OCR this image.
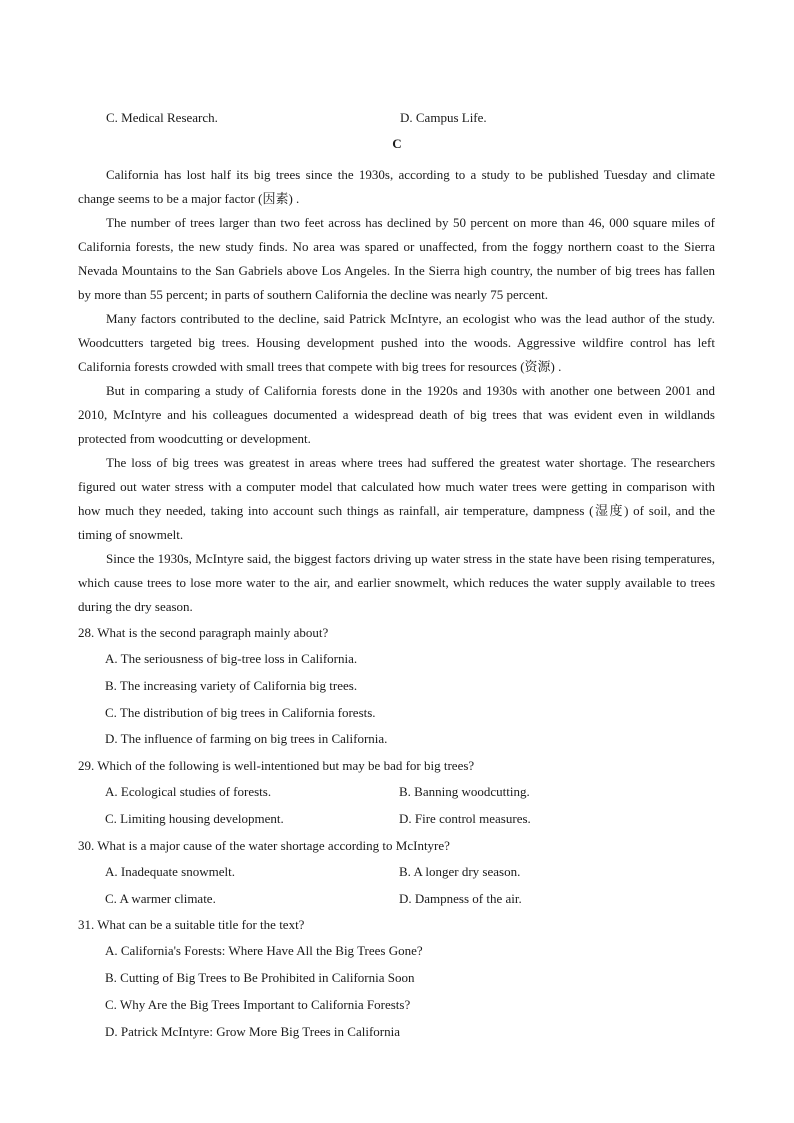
C. Medical Research.	D. Campus Life.
C

California has lost half its big trees since the 1930s, according to a study to be published Tuesday and climate change seems to be a major factor (因素) .

The number of trees larger than two feet across has declined by 50 percent on more than 46, 000 square miles of California forests, the new study finds. No area was spared or unaffected, from the foggy northern coast to the Sierra Nevada Mountains to the San Gabriels above Los Angeles. In the Sierra high country, the number of big trees has fallen by more than 55 percent; in parts of southern California the decline was nearly 75 percent.

Many factors contributed to the decline, said Patrick McIntyre, an ecologist who was the lead author of the study. Woodcutters targeted big trees. Housing development pushed into the woods. Aggressive wildfire control has left California forests crowded with small trees that compete with big trees for resources (资源) .

But in comparing a study of California forests done in the 1920s and 1930s with another one between 2001 and 2010, McIntyre and his colleagues documented a widespread death of big trees that was evident even in wildlands protected from woodcutting or development.

The loss of big trees was greatest in areas where trees had suffered the greatest water shortage. The researchers figured out water stress with a computer model that calculated how much water trees were getting in comparison with how much they needed, taking into account such things as rainfall, air temperature, dampness (湿度) of soil, and the timing of snowmelt.

Since the 1930s, McIntyre said, the biggest factors driving up water stress in the state have been rising temperatures, which cause trees to lose more water to the air, and earlier snowmelt, which reduces the water supply available to trees during the dry season.

28. What is the second paragraph mainly about?
A. The seriousness of big-tree loss in California.
B. The increasing variety of California big trees.
C. The distribution of big trees in California forests.
D. The influence of farming on big trees in California.
29. Which of the following is well-intentioned but may be bad for big trees?
A. Ecological studies of forests.	B. Banning woodcutting.
C. Limiting housing development.	D. Fire control measures.
30. What is a major cause of the water shortage according to McIntyre?
A. Inadequate snowmelt.	B. A longer dry season.
C. A warmer climate.	D. Dampness of the air.
31. What can be a suitable title for the text?
A. California's Forests: Where Have All the Big Trees Gone?
B. Cutting of Big Trees to Be Prohibited in California Soon
C. Why Are the Big Trees Important to California Forests?
D. Patrick McIntyre: Grow More Big Trees in California
